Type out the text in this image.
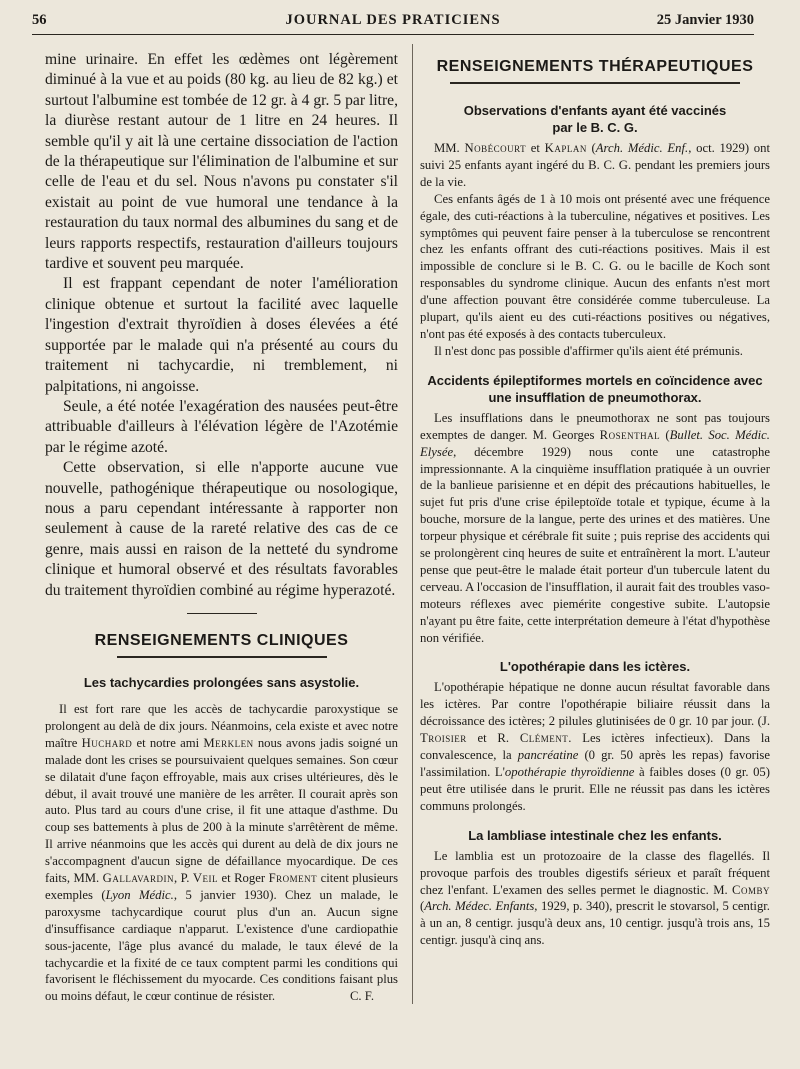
56	JOURNAL DES PRATICIENS	25 Janvier 1930

mine urinaire. En effet les œdèmes ont légèrement diminué à la vue et au poids (80 kg. au lieu de 82 kg.) et surtout l'albumine est tombée de 12 gr. à 4 gr. 5 par litre, la diurèse restant autour de 1 litre en 24 heures. Il semble qu'il y ait là une certaine dissociation de l'action de la thérapeutique sur l'élimination de l'albumine et sur celle de l'eau et du sel. Nous n'avons pu constater s'il existait au point de vue humoral une tendance à la restauration du taux normal des albumines du sang et de leurs rapports respectifs, restauration d'ailleurs toujours tardive et souvent peu marquée.

Il est frappant cependant de noter l'amélioration clinique obtenue et surtout la facilité avec laquelle l'ingestion d'extrait thyroïdien à doses élevées a été supportée par le malade qui n'a présenté au cours du traitement ni tachycardie, ni tremblement, ni palpitations, ni angoisse.

Seule, a été notée l'exagération des nausées peut-être attribuable d'ailleurs à l'élévation légère de l'Azotémie par le régime azoté.

Cette observation, si elle n'apporte aucune vue nouvelle, pathogénique thérapeutique ou nosologique, nous a paru cependant intéressante à rapporter non seulement à cause de la rareté relative des cas de ce genre, mais aussi en raison de la netteté du syndrome clinique et humoral observé et des résultats favorables du traitement thyroïdien combiné au régime hyperazoté.

RENSEIGNEMENTS CLINIQUES
Les tachycardies prolongées sans asystolie.

Il est fort rare que les accès de tachycardie paroxystique se prolongent au delà de dix jours. Néanmoins, cela existe et avec notre maître Huchard et notre ami Merklen nous avons jadis soigné un malade dont les crises se poursuivaient quelques semaines. Son cœur se dilatait d'une façon effroyable, mais aux crises ultérieures, dès le début, il avait trouvé une manière de les arrêter. Il courait après son auto. Plus tard au cours d'une crise, il fit une attaque d'asthme. Du coup ses battements à plus de 200 à la minute s'arrêtèrent de même. Il arrive néanmoins que les accès qui durent au delà de dix jours ne s'accompagnent d'aucun signe de défaillance myocardique. De ces faits, MM. Gallavardin, P. Veil et Roger Froment citent plusieurs exemples (Lyon Médic., 5 janvier 1930). Chez un malade, le paroxysme tachycardique courut plus d'un an. Aucun signe d'insuffisance cardiaque n'apparut. L'existence d'une cardiopathie sous-jacente, l'âge plus avancé du malade, le taux élevé de la tachycardie et la fixité de ce taux comptent parmi les conditions qui favorisent le fléchissement du myocarde. Ces conditions faisant plus ou moins défaut, le cœur continue de résister.	C. F.

RENSEIGNEMENTS THÉRAPEUTIQUES
Observations d'enfants ayant été vaccinés par le B. C. G.

MM. Nobécourt et Kaplan (Arch. Médic. Enf., oct. 1929) ont suivi 25 enfants ayant ingéré du B. C. G. pendant les premiers jours de la vie.

Ces enfants âgés de 1 à 10 mois ont présenté avec une fréquence égale, des cuti-réactions à la tuberculine, négatives et positives. Les symptômes qui peuvent faire penser à la tuberculose se rencontrent chez les enfants offrant des cuti-réactions positives. Mais il est impossible de conclure si le B. C. G. ou le bacille de Koch sont responsables du syndrome clinique. Aucun des enfants n'est mort d'une affection pouvant être considérée comme tuberculeuse. La plupart, qu'ils aient eu des cuti-réactions positives ou négatives, n'ont pas été exposés à des contacts tuberculeux.

Il n'est donc pas possible d'affirmer qu'ils aient été prémunis.

Accidents épileptiformes mortels en coïncidence avec une insufflation de pneumothorax.

Les insufflations dans le pneumothorax ne sont pas toujours exemptes de danger. M. Georges Rosenthal (Bullet. Soc. Médic. Elysée, décembre 1929) nous conte une catastrophe impressionnante. A la cinquième insufflation pratiquée à un ouvrier de la banlieue parisienne et en dépit des précautions habituelles, le sujet fut pris d'une crise épileptoïde totale et typique, écume à la bouche, morsure de la langue, perte des urines et des matières. Une torpeur physique et cérébrale fit suite ; puis reprise des accidents qui se prolongèrent cinq heures de suite et entraînèrent la mort. L'auteur pense que peut-être le malade était porteur d'un tubercule latent du cerveau. A l'occasion de l'insufflation, il aurait fait des troubles vaso-moteurs réflexes avec piemérite congestive subite. L'autopsie n'ayant pu être faite, cette interprétation demeure à l'état d'hypothèse non vérifiée.

L'opothérapie dans les ictères.

L'opothérapie hépatique ne donne aucun résultat favorable dans les ictères. Par contre l'opothérapie biliaire réussit dans la décroissance des ictères; 2 pilules glutinisées de 0 gr. 10 par jour. (J. Troisier et R. Clément. Les ictères infectieux). Dans la convalescence, la pancréatine (0 gr. 50 après les repas) favorise l'assimilation. L'opothérapie thyroïdienne à faibles doses (0 gr. 05) peut être utilisée dans le prurit. Elle ne réussit pas dans les ictères communs prolongés.

La lambliase intestinale chez les enfants.

Le lamblia est un protozoaire de la classe des flagellés. Il provoque parfois des troubles digestifs sérieux et paraît fréquent chez l'enfant. L'examen des selles permet le diagnostic. M. Comby (Arch. Médec. Enfants, 1929, p. 340), prescrit le stovarsol, 5 centigr. à un an, 8 centigr. jusqu'à deux ans, 10 centigr. jusqu'à trois ans, 15 centigr. jusqu'à cinq ans.
